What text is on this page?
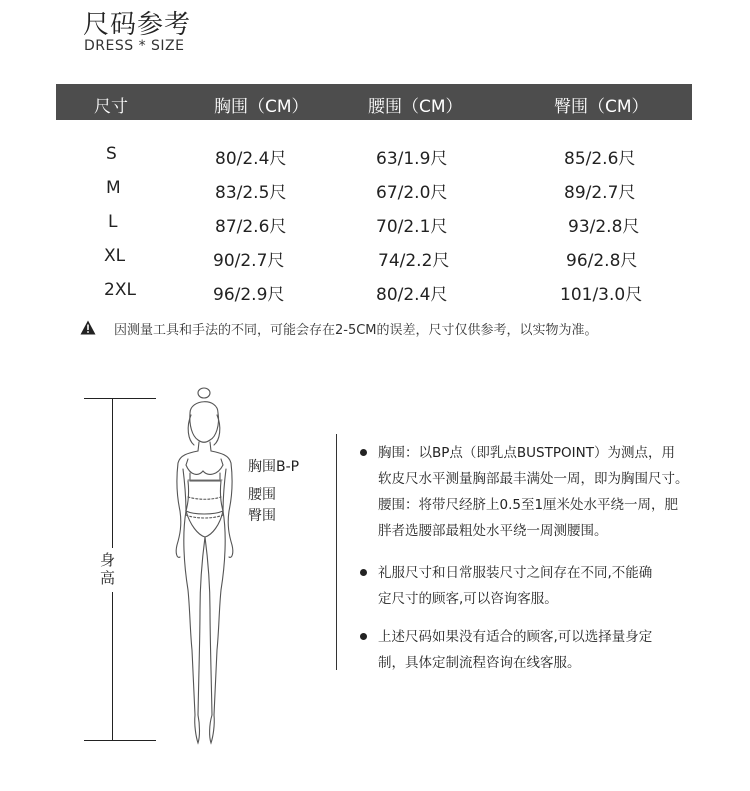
尺码参考
DRESS * SIZE
尺寸	胸围（CM）	腰围（CM）	臀围（CM）
S	80/2.4尺	63/1.9尺	85/2.6尺
M	83/2.5尺	67/2.0尺	89/2.7尺
L	87/2.6尺	70/2.1尺	93/2.8尺
XL	90/2.7尺	74/2.2尺	96/2.8尺
2XL	96/2.9尺	80/2.4尺	101/3.0尺
因测量工具和手法的不同，可能会存在2-5CM的误差，尺寸仅供参考，以实物为准。
身高
胸围B-P
腰围
臀围
胸围：以BP点（即乳点BUSTPOINT）为测点，用
软皮尺水平测量胸部最丰满处一周，即为胸围尺寸。
腰围：将带尺经脐上0.5至1厘米处水平绕一周，肥
胖者选腰部最粗处水平绕一周测腰围。
礼服尺寸和日常服装尺寸之间存在不同,不能确
定尺寸的顾客,可以咨询客服。
上述尺码如果没有适合的顾客,可以选择量身定
制，具体定制流程咨询在线客服。
